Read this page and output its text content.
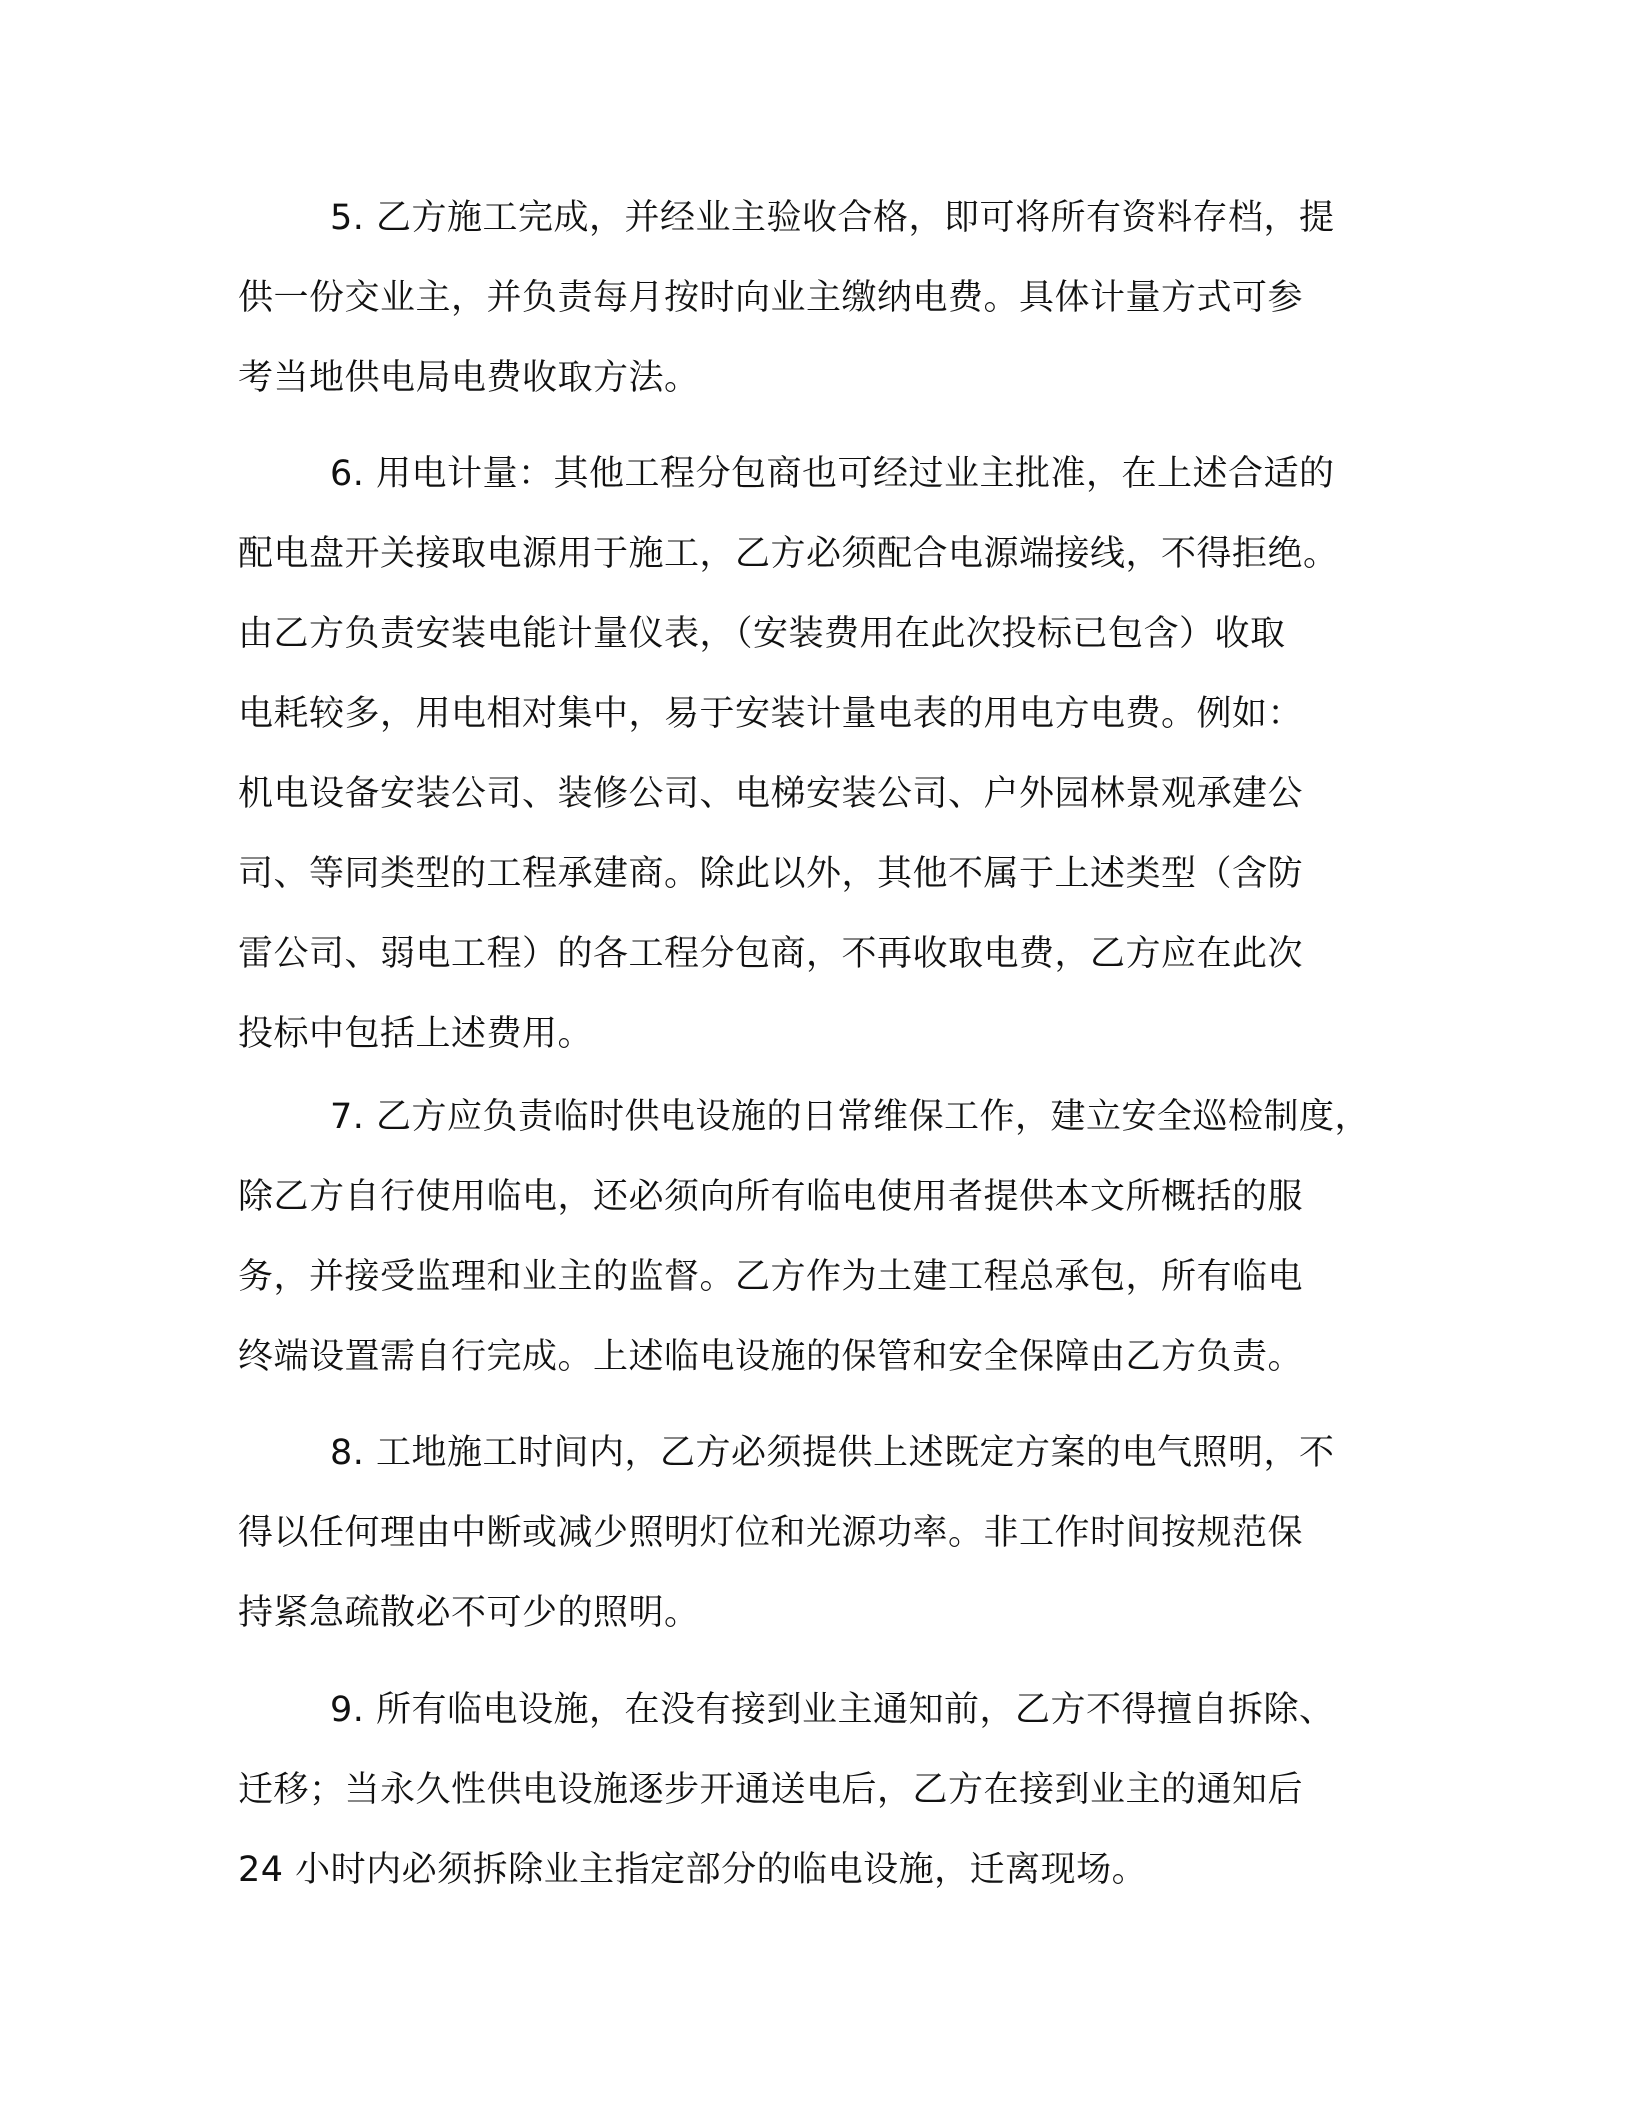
5. 乙方施工完成，并经业主验收合格，即可将所有资料存档，提
供一份交业主，并负责每月按时向业主缴纳电费。具体计量方式可参
考当地供电局电费收取方法。
6. 用电计量：其他工程分包商也可经过业主批准，在上述合适的
配电盘开关接取电源用于施工，乙方必须配合电源端接线，不得拒绝。
由乙方负责安装电能计量仪表，（安装费用在此次投标已包含）收取
电耗较多，用电相对集中，易于安装计量电表的用电方电费。例如：
机电设备安装公司、装修公司、电梯安装公司、户外园林景观承建公
司、等同类型的工程承建商。除此以外，其他不属于上述类型（含防
雷公司、弱电工程）的各工程分包商，不再收取电费，乙方应在此次
投标中包括上述费用。
7. 乙方应负责临时供电设施的日常维保工作，建立安全巡检制度，
除乙方自行使用临电，还必须向所有临电使用者提供本文所概括的服
务，并接受监理和业主的监督。乙方作为土建工程总承包，所有临电
终端设置需自行完成。上述临电设施的保管和安全保障由乙方负责。
8. 工地施工时间内，乙方必须提供上述既定方案的电气照明，不
得以任何理由中断或减少照明灯位和光源功率。非工作时间按规范保
持紧急疏散必不可少的照明。
9. 所有临电设施，在没有接到业主通知前，乙方不得擅自拆除、
迁移；当永久性供电设施逐步开通送电后，乙方在接到业主的通知后
24 小时内必须拆除业主指定部分的临电设施，迁离现场。
